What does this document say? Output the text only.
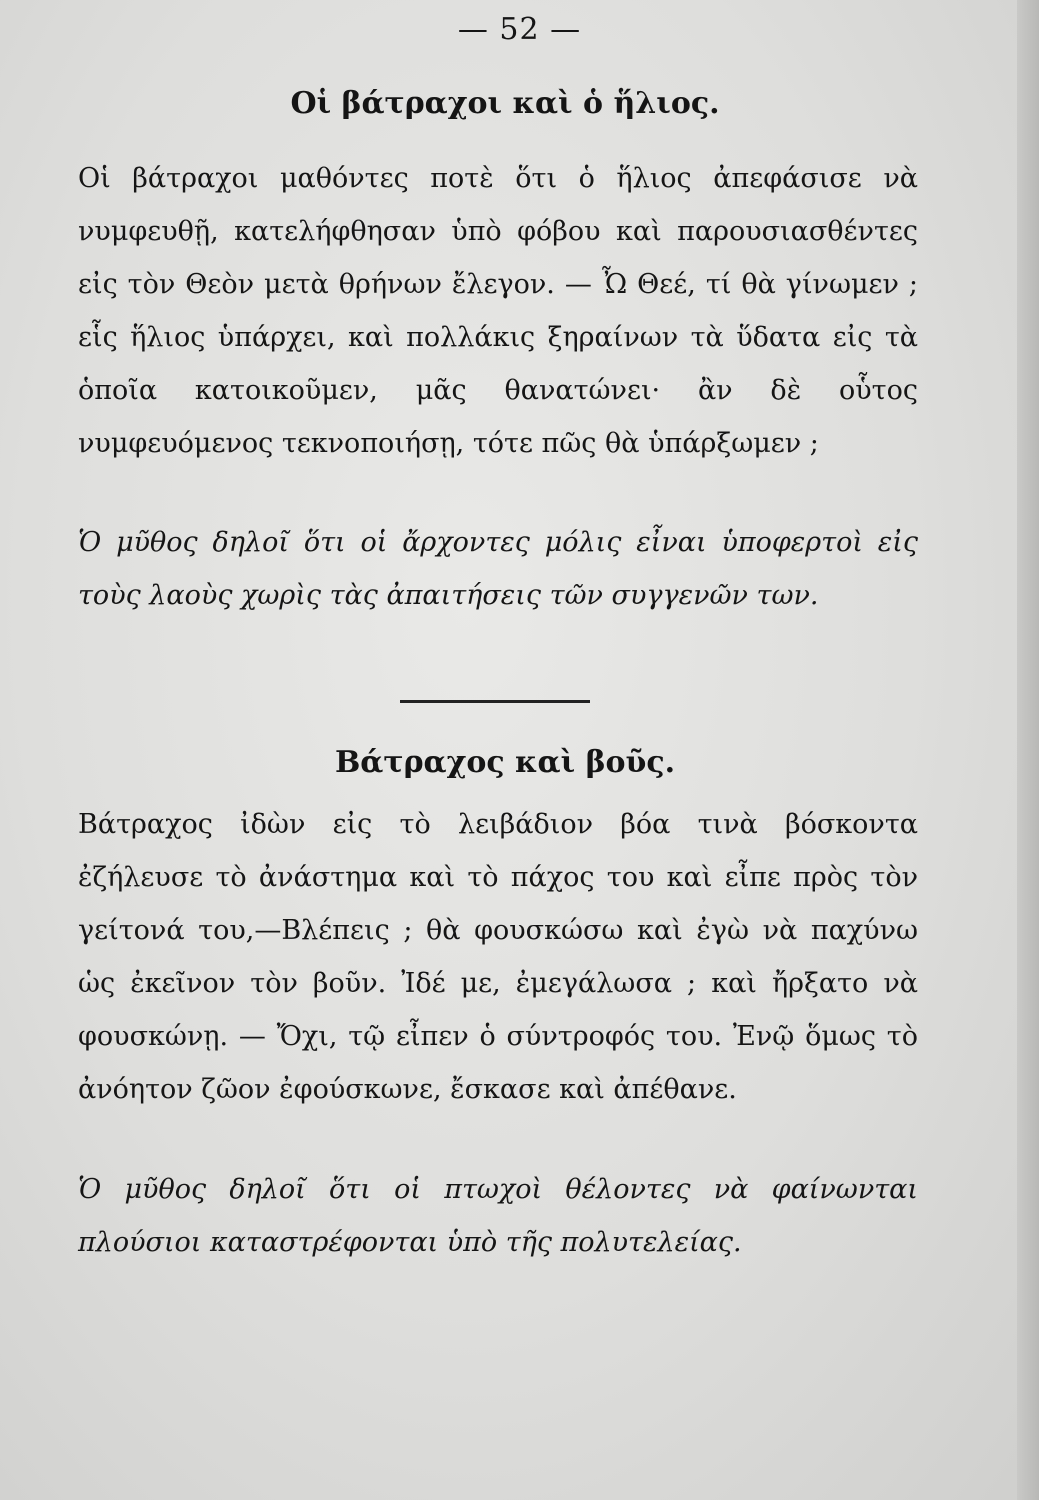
— 52 —
Οἱ βάτραχοι καὶ ὁ ἥλιος.

Οἱ βάτραχοι μαθόντες ποτὲ ὅτι ὁ ἥλιος ἀπεφάσισε νὰ νυμφευθῇ, κατελήφθησαν ὑπὸ φόβου καὶ παρουσιασθέντες εἰς τὸν Θεὸν μετὰ θρήνων ἔλεγον. — Ὦ Θεέ, τί θὰ γίνωμεν ; εἷς ἥλιος ὑπάρχει, καὶ πολλάκις ξηραίνων τὰ ὕδατα εἰς τὰ ὁποῖα κατοικοῦμεν, μᾶς θανατώνει· ἂν δὲ οὗτος νυμφευόμενος τεκνοποιήσῃ, τότε πῶς θὰ ὑπάρξωμεν ;

Ὁ μῦθος δηλοῖ ὅτι οἱ ἄρχοντες μόλις εἶναι ὑποφερτοὶ εἰς τοὺς λαοὺς χωρὶς τὰς ἀπαιτήσεις τῶν συγγενῶν των.

Βάτραχος καὶ βοῦς.

Βάτραχος ἰδὼν εἰς τὸ λειβάδιον βόα τινὰ βόσκοντα ἐζήλευσε τὸ ἀνάστημα καὶ τὸ πάχος του καὶ εἶπε πρὸς τὸν γείτονά του,—Βλέπεις ; θὰ φουσκώσω καὶ ἐγὼ νὰ παχύνω ὡς ἐκεῖνον τὸν βοῦν. Ἰδέ με, ἐμεγάλωσα ; καὶ ἤρξατο νὰ φουσκώνῃ. — Ὄχι, τῷ εἶπεν ὁ σύντροφός του. Ἐνῷ ὅμως τὸ ἀνόητον ζῶον ἐφούσκωνε, ἔσκασε καὶ ἀπέθανε.

Ὁ μῦθος δηλοῖ ὅτι οἱ πτωχοὶ θέλοντες νὰ φαίνωνται πλούσιοι καταστρέφονται ὑπὸ τῆς πολυτελείας.
